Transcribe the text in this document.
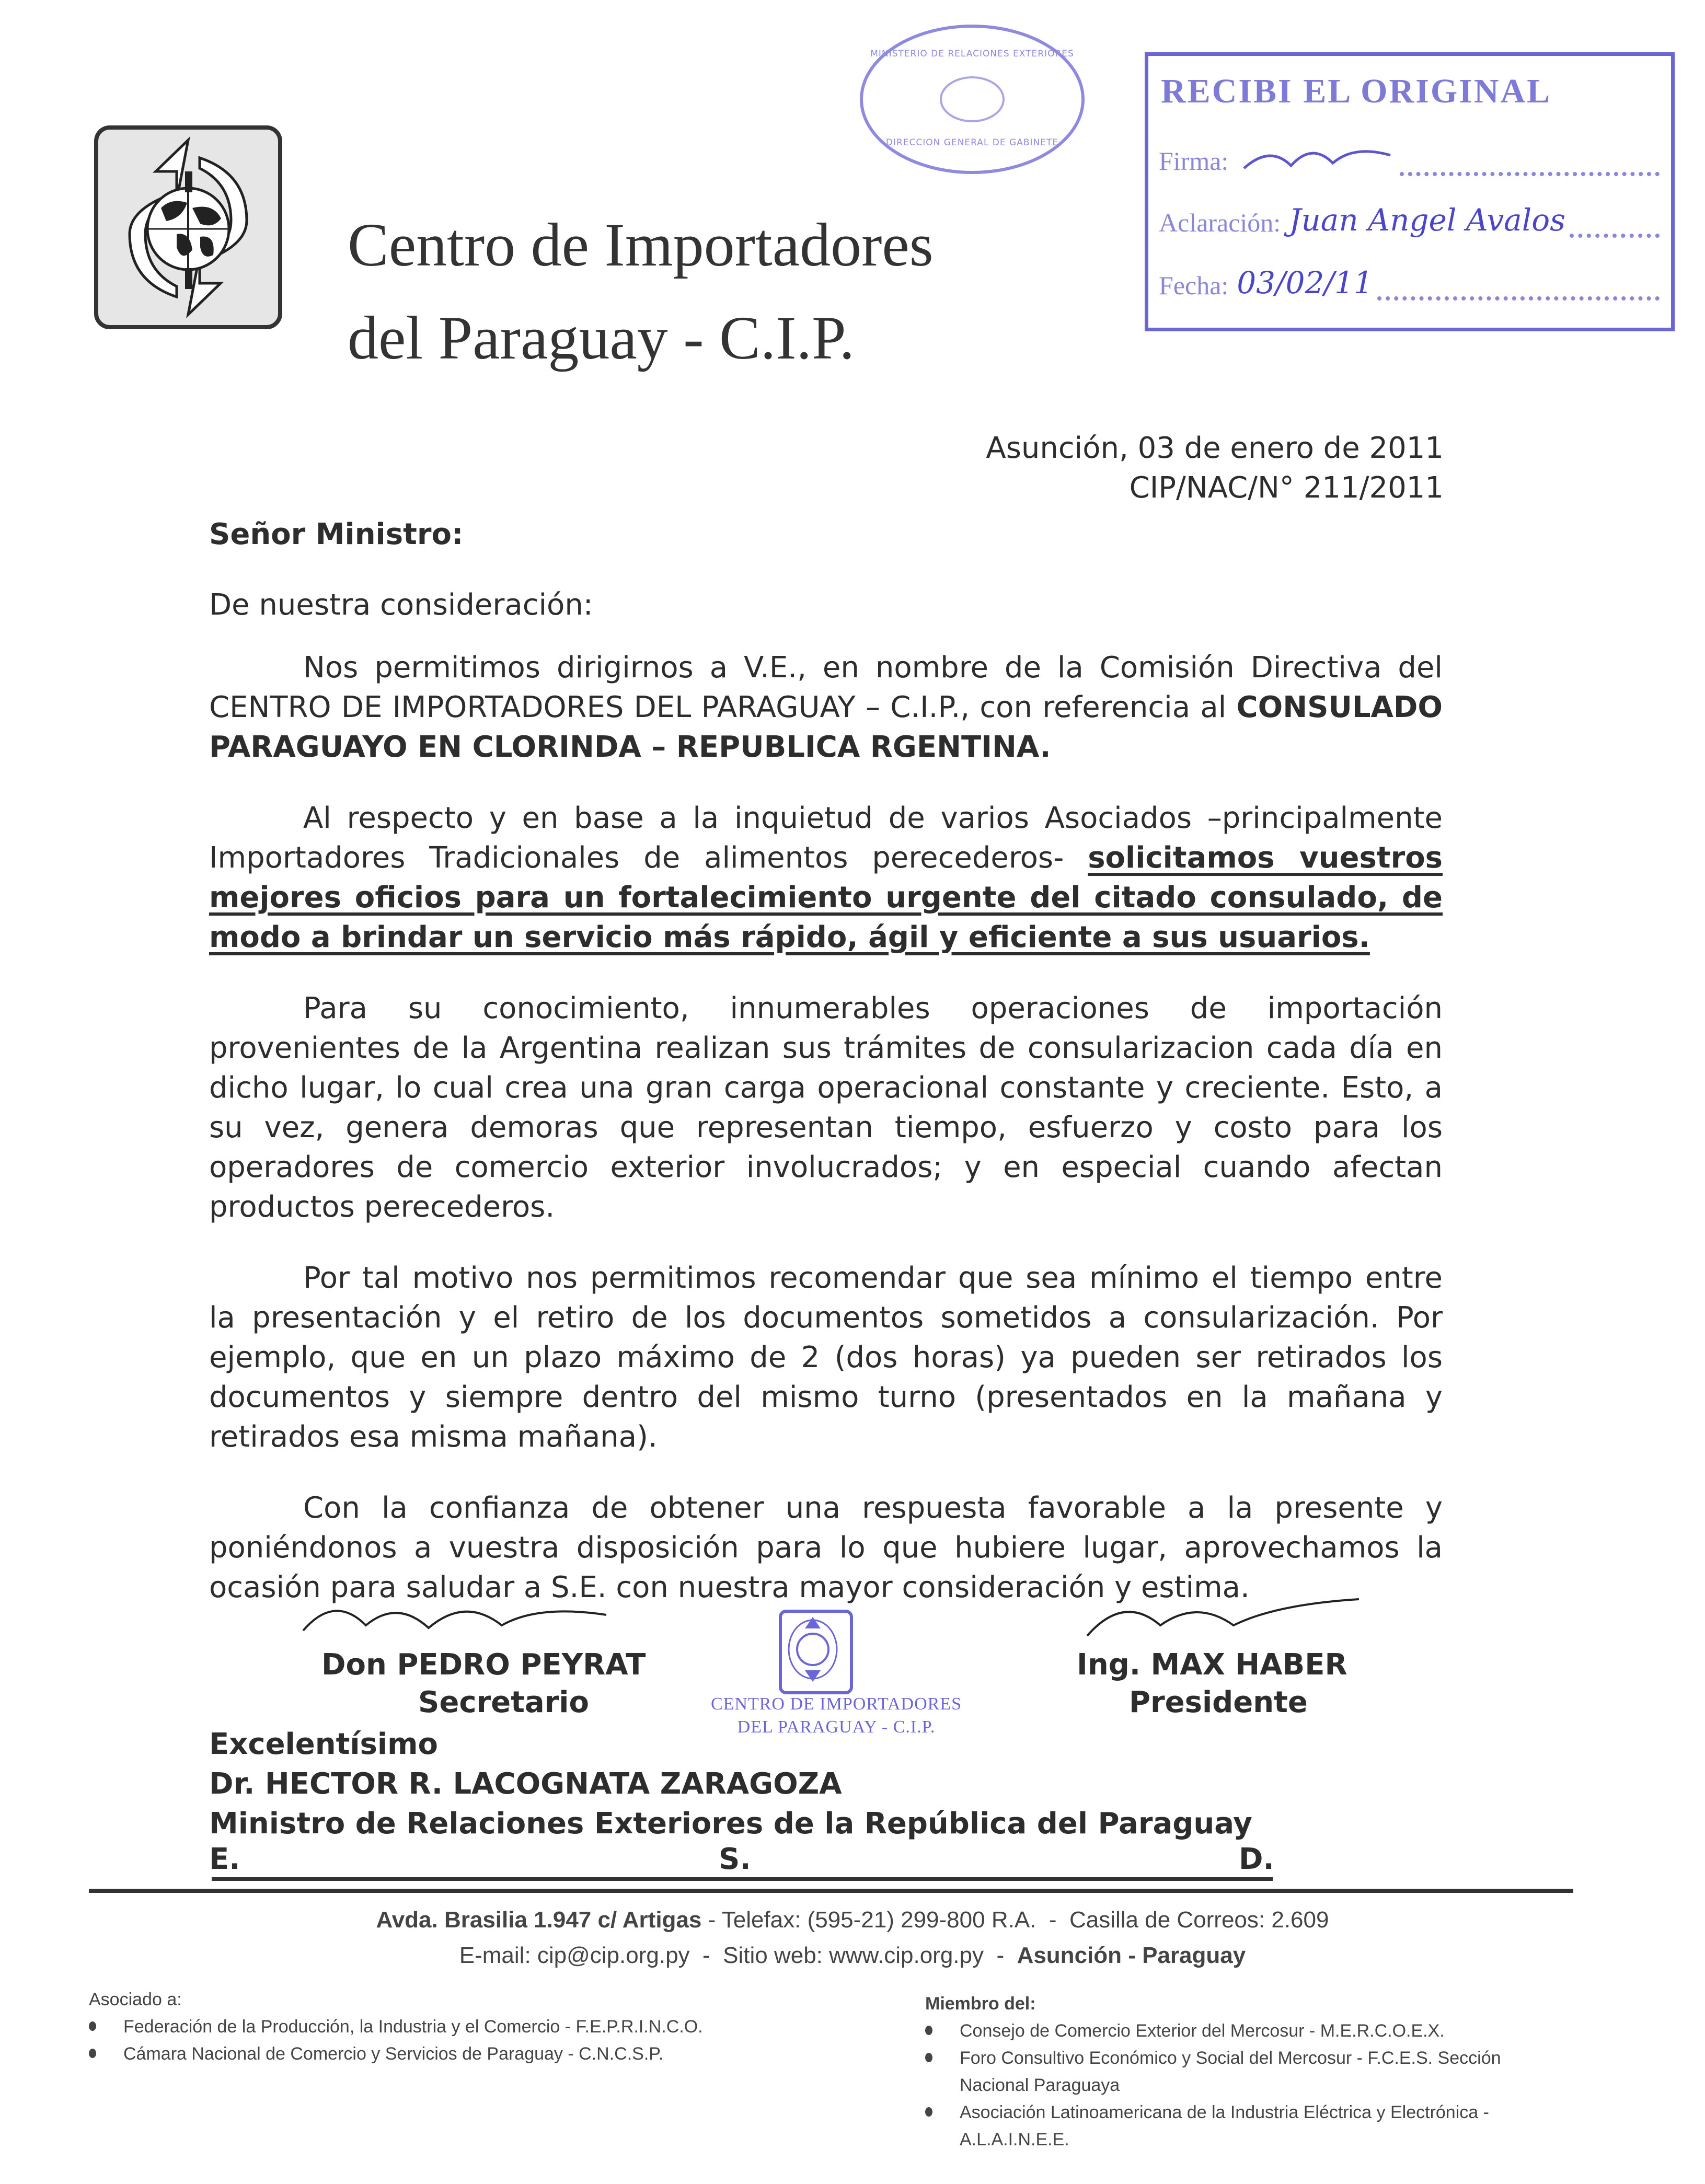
Centro de Importadores
del Paraguay - C.I.P.
MINISTERIO DE RELACIONES EXTERIORES
DIRECCION GENERAL DE GABINETE
RECIBI EL ORIGINAL
Firma:
Aclaración: Juan Angel Avalos
Fecha: 03/02/11
Asunción, 03 de enero de 2011
CIP/NAC/N° 211/2011
Señor Ministro:
De nuestra consideración:
Nos permitimos dirigirnos a V.E., en nombre de la Comisión Directiva del CENTRO DE IMPORTADORES DEL PARAGUAY – C.I.P., con referencia al CONSULADO PARAGUAYO EN CLORINDA – REPUBLICA RGENTINA.
Al respecto y en base a la inquietud de varios Asociados –principalmente Importadores Tradicionales de alimentos perecederos- solicitamos vuestros mejores oficios para un fortalecimiento urgente del citado consulado, de modo a brindar un servicio más rápido, ágil y eficiente a sus usuarios.
Para su conocimiento, innumerables operaciones de importación provenientes de la Argentina realizan sus trámites de consularizacion cada día en dicho lugar, lo cual crea una gran carga operacional constante y creciente. Esto, a su vez, genera demoras que representan tiempo, esfuerzo y costo para los operadores de comercio exterior involucrados; y en especial cuando afectan productos perecederos.
Por tal motivo nos permitimos recomendar que sea mínimo el tiempo entre la presentación y el retiro de los documentos sometidos a consularización. Por ejemplo, que en un plazo máximo de 2 (dos horas) ya pueden ser retirados los documentos y siempre dentro del mismo turno (presentados en la mañana y retirados esa misma mañana).
Con la confianza de obtener una respuesta favorable a la presente y poniéndonos a vuestra disposición para lo que hubiere lugar, aprovechamos la ocasión para saludar a S.E. con nuestra mayor consideración y estima.
Don PEDRO PEYRAT
Secretario
Ing. MAX HABER
Presidente
CENTRO DE IMPORTADORES
DEL PARAGUAY - C.I.P.
Excelentísimo
Dr. HECTOR R. LACOGNATA ZARAGOZA
Ministro de Relaciones Exteriores de la República del Paraguay
E.	S.	D.
Avda. Brasilia 1.947 c/ Artigas - Telefax: (595-21) 299-800 R.A. - Casilla de Correos: 2.609
E-mail: cip@cip.org.py - Sitio web: www.cip.org.py - Asunción - Paraguay
Asociado a:
Federación de la Producción, la Industria y el Comercio - F.E.P.R.I.N.C.O.
Cámara Nacional de Comercio y Servicios de Paraguay - C.N.C.S.P.
Miembro del:
Consejo de Comercio Exterior del Mercosur - M.E.R.C.O.E.X.
Foro Consultivo Económico y Social del Mercosur - F.C.E.S. Sección Nacional Paraguaya
Asociación Latinoamericana de la Industria Eléctrica y Electrónica - A.L.A.I.N.E.E.
